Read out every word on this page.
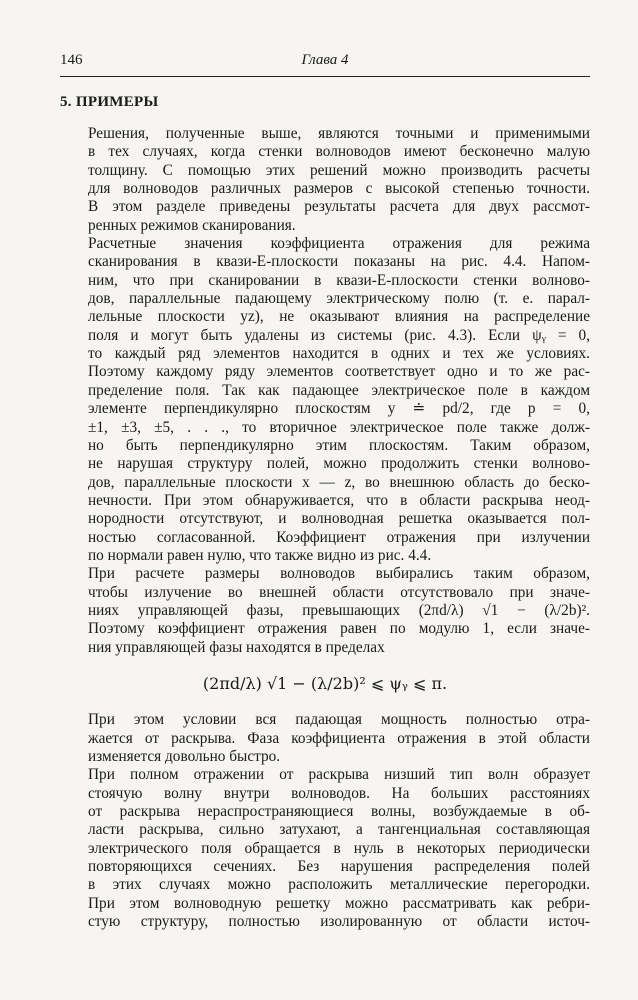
146	Глава 4
5. ПРИМЕРЫ

Решения, полученные выше, являются точными и применимыми
в тех случаях, когда стенки волноводов имеют бесконечно малую
толщину. С помощью этих решений можно производить расчеты
для волноводов различных размеров с высокой степенью точности.
В этом разделе приведены результаты расчета для двух рассмот-
ренных режимов сканирования.

Расчетные значения коэффициента отражения для режима
сканирования в квази-E-плоскости показаны на рис. 4.4. Напом-
ним, что при сканировании в квази-E-плоскости стенки волново-
дов, параллельные падающему электрическому полю (т. е. парал-
лельные плоскости yz), не оказывают влияния на распределение
поля и могут быть удалены из системы (рис. 4.3). Если ψᵧ = 0,
то каждый ряд элементов находится в одних и тех же условиях.
Поэтому каждому ряду элементов соответствует одно и то же рас-
пределение поля. Так как падающее электрическое поле в каждом
элементе перпендикулярно плоскостям y ≐ pd/2, где p = 0,
±1, ±3, ±5, . . ., то вторичное электрическое поле также долж-
но быть перпендикулярно этим плоскостям. Таким образом,
не нарушая структуру полей, можно продолжить стенки волново-
дов, параллельные плоскости x — z, во внешнюю область до беско-
нечности. При этом обнаруживается, что в области раскрыва неод-
нородности отсутствуют, и волноводная решетка оказывается пол-
ностью согласованной. Коэффициент отражения при излучении
по нормали равен нулю, что также видно из рис. 4.4.

При расчете размеры волноводов выбирались таким образом,
чтобы излучение во внешней области отсутствовало при значе-
ниях управляющей фазы, превышающих (2πd/λ) √1 − (λ/2b)².
Поэтому коэффициент отражения равен по модулю 1, если значе-
ния управляющей фазы находятся в пределах

(2πd/λ) √1 − (λ/2b)² ⩽ ψᵧ ⩽ π.

При этом условии вся падающая мощность полностью отра-
жается от раскрыва. Фаза коэффициента отражения в этой области
изменяется довольно быстро.

При полном отражении от раскрыва низший тип волн образует
стоячую волну внутри волноводов. На больших расстояниях
от раскрыва нераспространяющиеся волны, возбуждаемые в об-
ласти раскрыва, сильно затухают, а тангенциальная составляющая
электрического поля обращается в нуль в некоторых периодически
повторяющихся сечениях. Без нарушения распределения полей
в этих случаях можно расположить металлические перегородки.
При этом волноводную решетку можно рассматривать как ребри-
стую структуру, полностью изолированную от области источ-
